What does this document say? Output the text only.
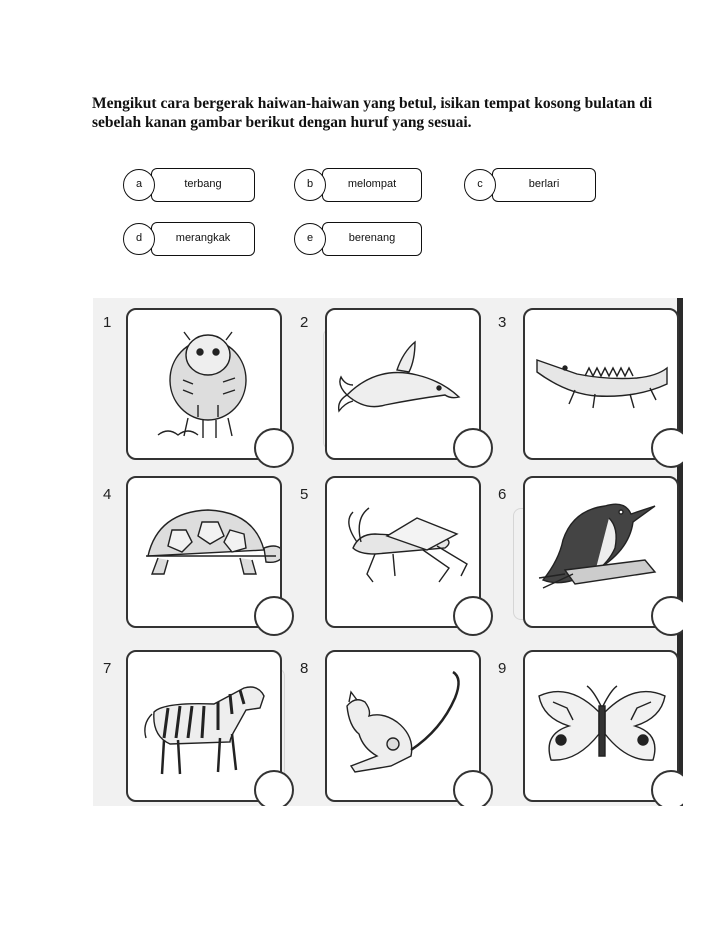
Mengikut cara bergerak haiwan-haiwan yang betul, isikan tempat kosong bulatan di sebelah kanan gambar berikut dengan huruf yang sesuai.
a	terbang	b	melompat	c	berlari
d	merangkak	e	berenang
1	2	3
4	5	6
7	8	9
